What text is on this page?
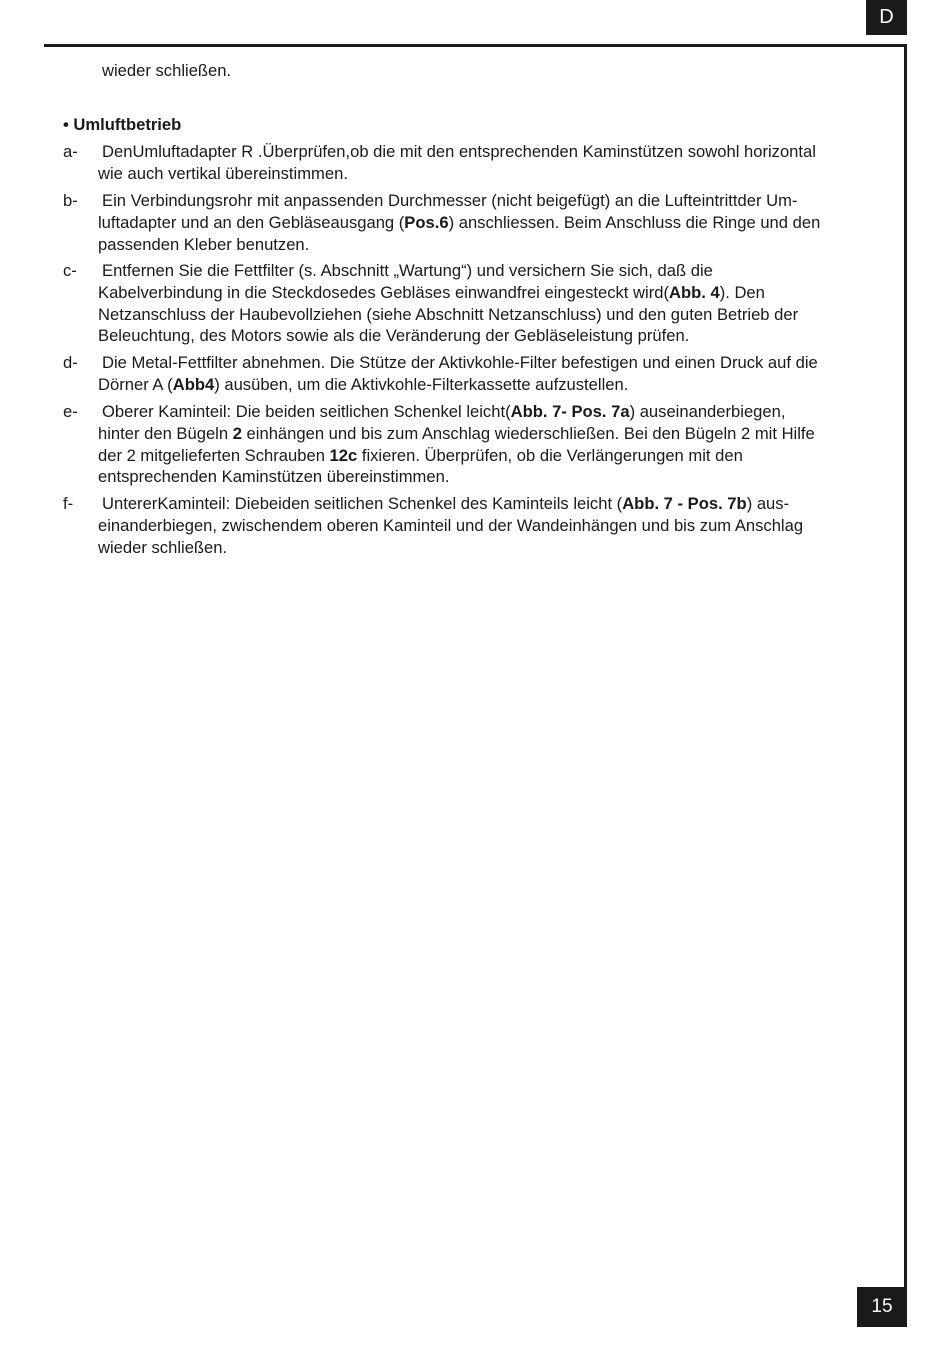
D
wieder schließen.
• Umluftbetrieb
a-	DenUmluftadapter R .Überprüfen,ob die mit den entsprechenden Kaminstützen sowohl horizontal
wie auch vertikal übereinstimmen.
b-	Ein Verbindungsrohr mit anpassenden Durchmesser (nicht beigefügt) an die Lufteintrittder Um-
luftadapter und an den Gebläseausgang (Pos.6) anschliessen. Beim Anschluss die Ringe und den
passenden Kleber benutzen.
c-	Entfernen Sie die Fettfilter (s. Abschnitt „Wartung“) und versichern Sie sich, daß die
Kabelverbindung in die Steckdosedes Gebläses einwandfrei eingesteckt wird(Abb. 4). Den
Netzanschluss der Haubevollziehen (siehe Abschnitt Netzanschluss) und den guten Betrieb der
Beleuchtung, des Motors sowie als die Veränderung der Gebläseleistung prüfen.
d-	Die Metal-Fettfilter abnehmen. Die Stütze der Aktivkohle-Filter befestigen und einen Druck auf die
Dörner A (Abb4) ausüben, um die Aktivkohle-Filterkassette aufzustellen.
e-	Oberer Kaminteil: Die beiden seitlichen Schenkel leicht(Abb. 7- Pos. 7a) auseinanderbiegen,
hinter den Bügeln 2 einhängen und bis zum Anschlag wiederschließen. Bei den Bügeln 2 mit Hilfe
der 2 mitgelieferten Schrauben 12c fixieren. Überprüfen, ob die Verlängerungen mit den
entsprechenden Kaminstützen übereinstimmen.
f-	UntererKaminteil: Diebeiden seitlichen Schenkel des Kaminteils leicht (Abb. 7 - Pos. 7b) aus-
einanderbiegen, zwischendem oberen Kaminteil und der Wandeinhängen und bis zum Anschlag
wieder schließen.
15
